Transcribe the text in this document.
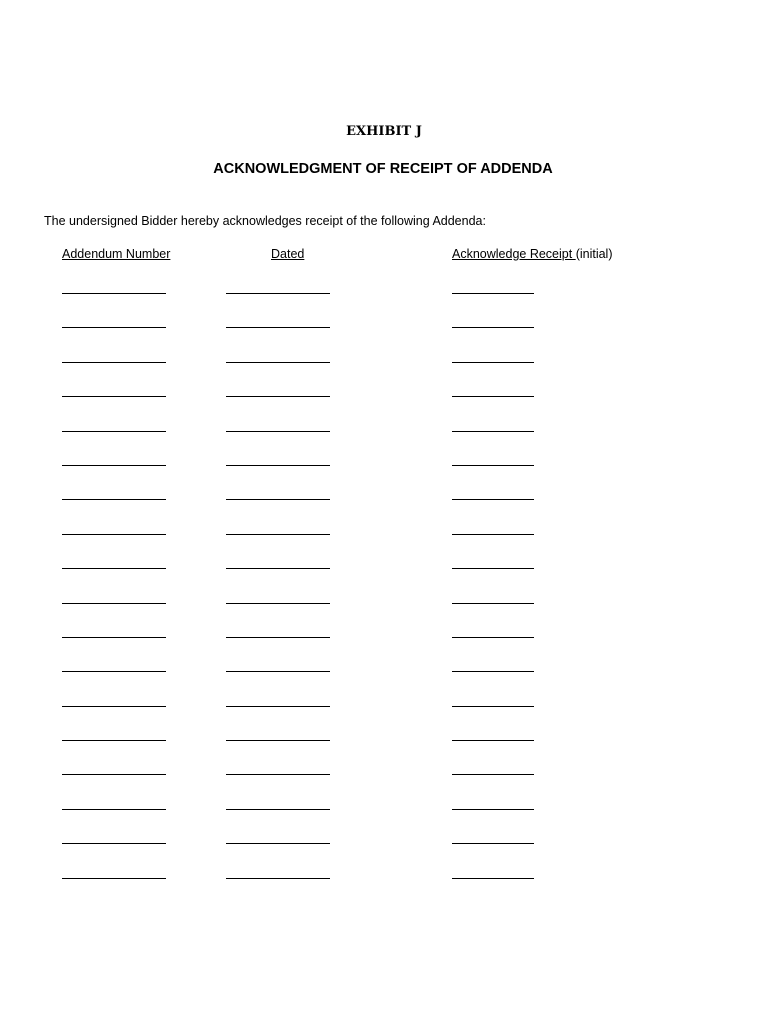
EXHIBIT J
ACKNOWLEDGMENT OF RECEIPT OF ADDENDA
The undersigned Bidder hereby acknowledges receipt of the following Addenda:
Addendum Number	Dated	Acknowledge Receipt (initial)
